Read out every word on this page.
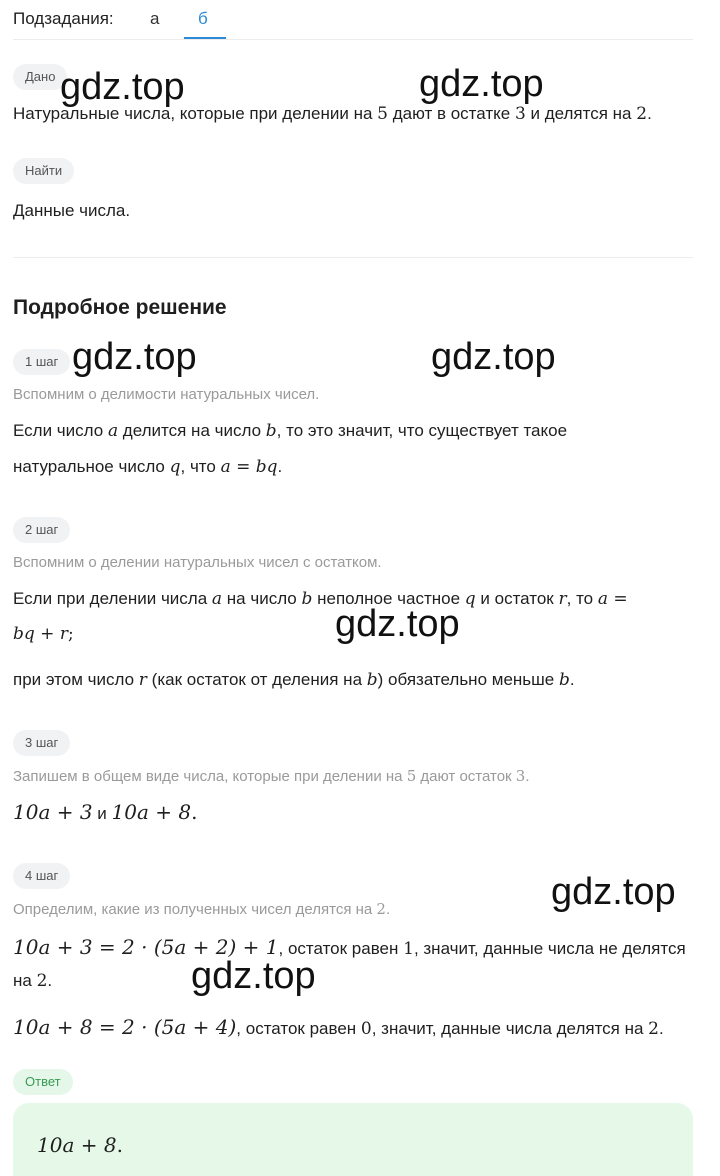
Подзадания: а б
Дано
Натуральные числа, которые при делении на 5 дают в остатке 3 и делятся на 2.
Найти
Данные числа.
Подробное решение
1 шаг
Вспомним о делимости натуральных чисел.
Если число a делится на число b, то это значит, что существует такое
натуральное число q, что a = bq.
2 шаг
Вспомним о делении натуральных чисел с остатком.
Если при делении числа a на число b неполное частное q и остаток r, то a =
bq + r;
при этом число r (как остаток от деления на b) обязательно меньше b.
3 шаг
Запишем в общем виде числа, которые при делении на 5 дают остаток 3.
10a + 3 и 10a + 8.
4 шаг
Определим, какие из полученных чисел делятся на 2.
10a + 3 = 2 · (5a + 2) + 1, остаток равен 1, значит, данные числа не делятся
на 2.
10a + 8 = 2 · (5a + 4), остаток равен 0, значит, данные числа делятся на 2.
Ответ
10a + 8.
gdz.top	gdz.top
gdz.top	gdz.top
gdz.top
gdz.top
gdz.top
